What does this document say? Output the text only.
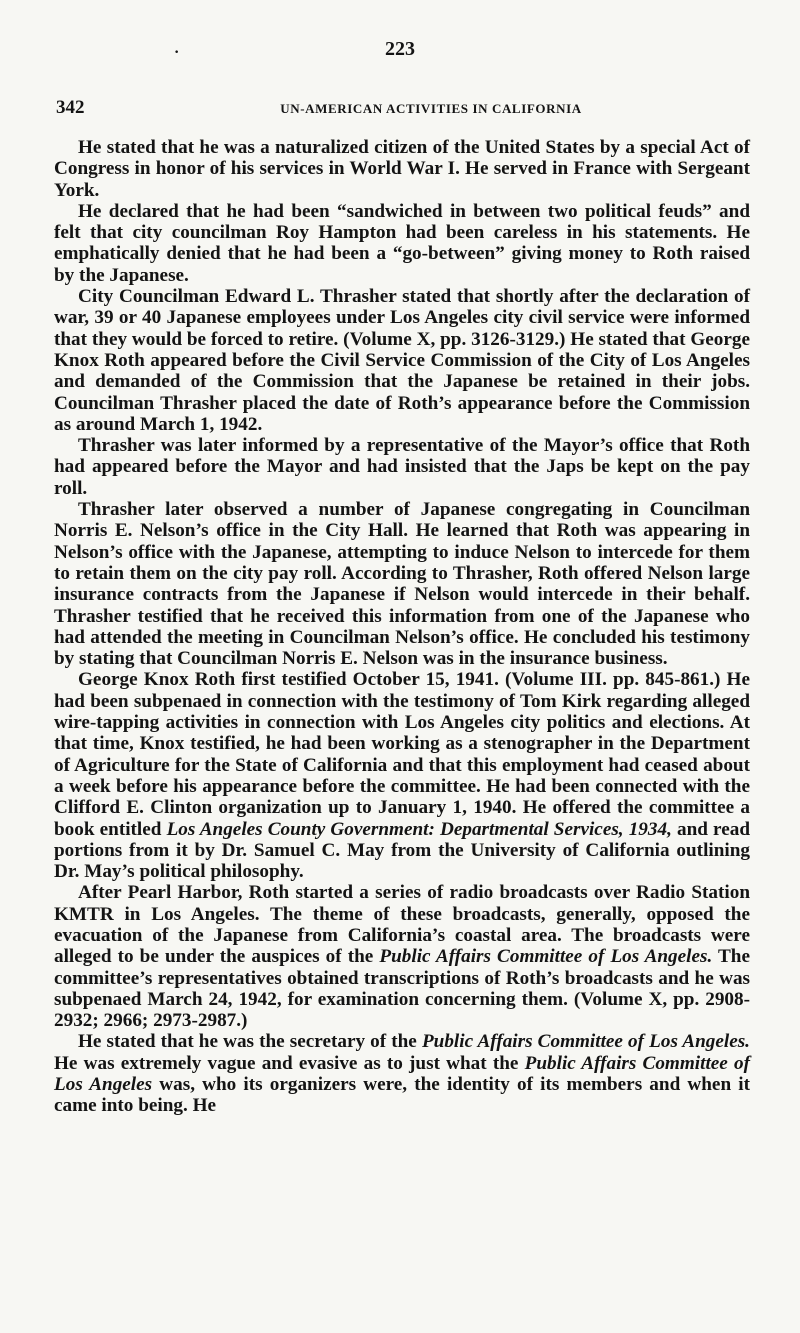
223
·
342	UN-AMERICAN ACTIVITIES IN CALIFORNIA

He stated that he was a naturalized citizen of the United States by a special Act of Congress in honor of his services in World War I. He served in France with Sergeant York.

He declared that he had been “sandwiched in between two political feuds” and felt that city councilman Roy Hampton had been careless in his statements. He emphatically denied that he had been a “go-between” giving money to Roth raised by the Japanese.

City Councilman Edward L. Thrasher stated that shortly after the declaration of war, 39 or 40 Japanese employees under Los Angeles city civil service were informed that they would be forced to retire. (Volume X, pp. 3126-3129.) He stated that George Knox Roth appeared before the Civil Service Commission of the City of Los Angeles and demanded of the Commission that the Japanese be retained in their jobs. Councilman Thrasher placed the date of Roth’s appearance before the Commission as around March 1, 1942.

Thrasher was later informed by a representative of the Mayor’s office that Roth had appeared before the Mayor and had insisted that the Japs be kept on the pay roll.

Thrasher later observed a number of Japanese congregating in Councilman Norris E. Nelson’s office in the City Hall. He learned that Roth was appearing in Nelson’s office with the Japanese, attempting to induce Nelson to intercede for them to retain them on the city pay roll. According to Thrasher, Roth offered Nelson large insurance contracts from the Japanese if Nelson would intercede in their behalf. Thrasher testified that he received this information from one of the Japanese who had attended the meeting in Councilman Nelson’s office. He concluded his testimony by stating that Councilman Norris E. Nelson was in the insurance business.

George Knox Roth first testified October 15, 1941. (Volume III. pp. 845-861.) He had been subpenaed in connection with the testimony of Tom Kirk regarding alleged wire-tapping activities in connection with Los Angeles city politics and elections. At that time, Knox testified, he had been working as a stenographer in the Department of Agriculture for the State of California and that this employment had ceased about a week before his appearance before the committee. He had been connected with the Clifford E. Clinton organization up to January 1, 1940. He offered the committee a book entitled Los Angeles County Government: Departmental Services, 1934, and read portions from it by Dr. Samuel C. May from the University of California outlining Dr. May’s political philosophy.

After Pearl Harbor, Roth started a series of radio broadcasts over Radio Station KMTR in Los Angeles. The theme of these broadcasts, generally, opposed the evacuation of the Japanese from California’s coastal area. The broadcasts were alleged to be under the auspices of the Public Affairs Committee of Los Angeles. The committee’s representatives obtained transcriptions of Roth’s broadcasts and he was subpenaed March 24, 1942, for examination concerning them. (Volume X, pp. 2908-2932; 2966; 2973-2987.)

He stated that he was the secretary of the Public Affairs Committee of Los Angeles. He was extremely vague and evasive as to just what the Public Affairs Committee of Los Angeles was, who its organizers were, the identity of its members and when it came into being. He
